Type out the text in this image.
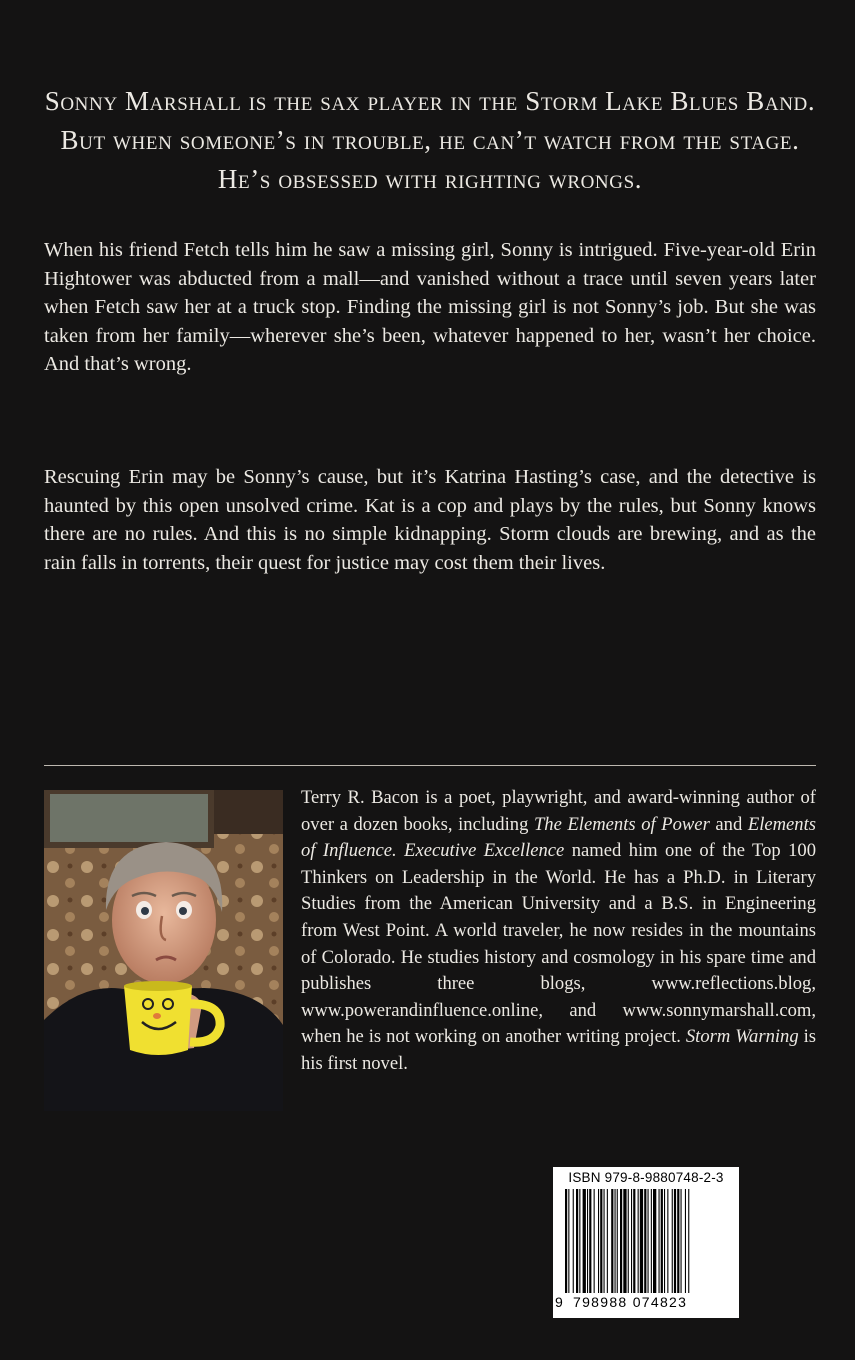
Sonny Marshall is the sax player in the Storm Lake Blues Band. But when someone’s in trouble, he can’t watch from the stage. He’s obsessed with righting wrongs.

When his friend Fetch tells him he saw a missing girl, Sonny is intrigued. Five-year-old Erin Hightower was abducted from a mall—and vanished without a trace until seven years later when Fetch saw her at a truck stop. Finding the missing girl is not Sonny’s job. But she was taken from her family—wherever she’s been, whatever happened to her, wasn’t her choice. And that’s wrong.

Rescuing Erin may be Sonny’s cause, but it’s Katrina Hasting’s case, and the detective is haunted by this open unsolved crime. Kat is a cop and plays by the rules, but Sonny knows there are no rules. And this is no simple kidnapping. Storm clouds are brewing, and as the rain falls in torrents, their quest for justice may cost them their lives.

Terry R. Bacon is a poet, playwright, and award-winning author of over a dozen books, including The Elements of Power and Elements of Influence. Executive Excellence named him one of the Top 100 Thinkers on Leadership in the World. He has a Ph.D. in Literary Studies from the American University and a B.S. in Engineering from West Point. A world traveler, he now resides in the mountains of Colorado. He studies history and cosmology in his spare time and publishes three blogs, www.reflections.blog, www.powerandinfluence.online, and www.sonnymarshall.com, when he is not working on another writing project. Storm Warning is his first novel.

ISBN 979-8-9880748-2-3
9 798988 074823
